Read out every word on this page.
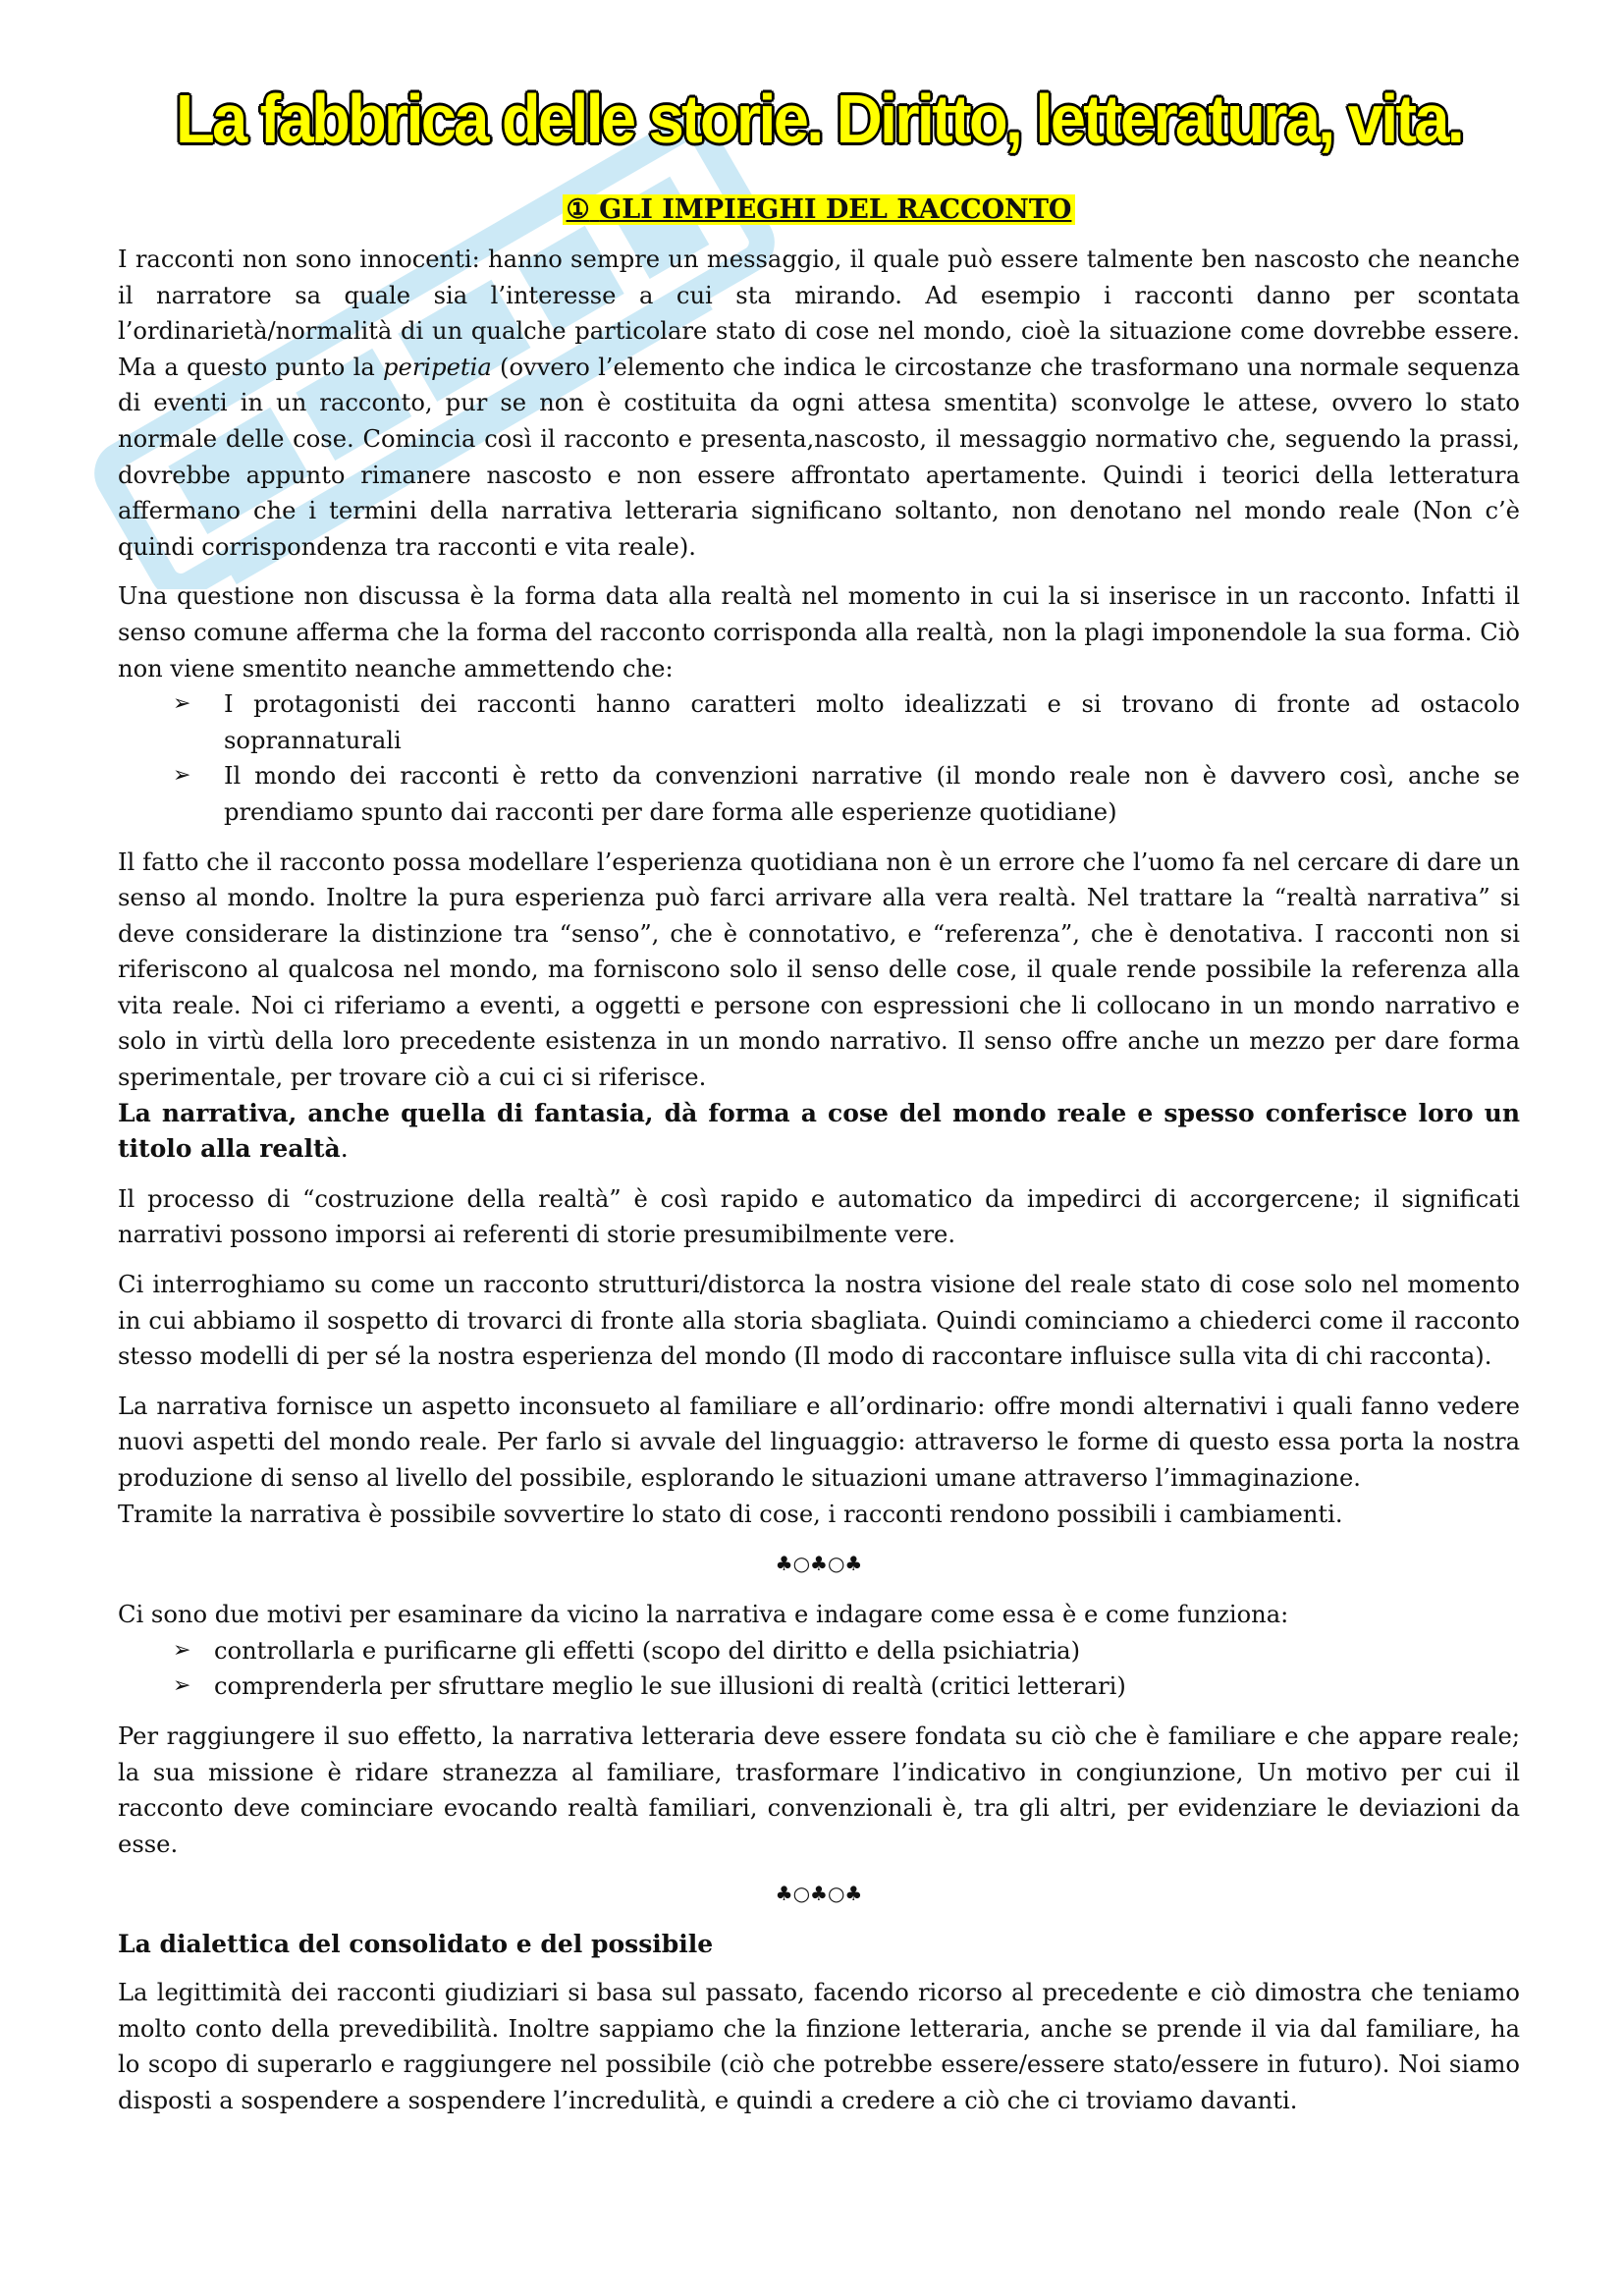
La fabbrica delle storie. Diritto, letteratura, vita.
① GLI IMPIEGHI DEL RACCONTO

I racconti non sono innocenti: hanno sempre un messaggio, il quale può essere talmente ben nascosto che neanche il narratore sa quale sia l’interesse a cui sta mirando. Ad esempio i racconti danno per scontata l’ordinarietà/normalità di un qualche particolare stato di cose nel mondo, cioè la situazione come dovrebbe essere. Ma a questo punto la peripetia (ovvero l’elemento che indica le circostanze che trasformano una normale sequenza di eventi in un racconto, pur se non è costituita da ogni attesa smentita) sconvolge le attese, ovvero lo stato normale delle cose. Comincia così il racconto e presenta,nascosto, il messaggio normativo che, seguendo la prassi, dovrebbe appunto rimanere nascosto e non essere affrontato apertamente. Quindi i teorici della letteratura affermano che i termini della narrativa letteraria significano soltanto, non denotano nel mondo reale (Non c’è quindi corrispondenza tra racconti e vita reale).

Una questione non discussa è la forma data alla realtà nel momento in cui la si inserisce in un racconto. Infatti il senso comune afferma che la forma del racconto corrisponda alla realtà, non la plagi imponendole la sua forma. Ciò non viene smentito neanche ammettendo che:

➢ I protagonisti dei racconti hanno caratteri molto idealizzati e si trovano di fronte ad ostacolo soprannaturali
➢ Il mondo dei racconti è retto da convenzioni narrative (il mondo reale non è davvero così, anche se prendiamo spunto dai racconti per dare forma alle esperienze quotidiane)

Il fatto che il racconto possa modellare l’esperienza quotidiana non è un errore che l’uomo fa nel cercare di dare un senso al mondo. Inoltre la pura esperienza può farci arrivare alla vera realtà. Nel trattare la “realtà narrativa” si deve considerare la distinzione tra “senso”, che è connotativo, e “referenza”, che è denotativa. I racconti non si riferiscono al qualcosa nel mondo, ma forniscono solo il senso delle cose, il quale rende possibile la referenza alla vita reale. Noi ci riferiamo a eventi, a oggetti e persone con espressioni che li collocano in un mondo narrativo e solo in virtù della loro precedente esistenza in un mondo narrativo. Il senso offre anche un mezzo per dare forma sperimentale, per trovare ciò a cui ci si riferisce.

La narrativa, anche quella di fantasia, dà forma a cose del mondo reale e spesso conferisce loro un titolo alla realtà.

Il processo di “costruzione della realtà” è così rapido e automatico da impedirci di accorgercene; il significati narrativi possono imporsi ai referenti di storie presumibilmente vere.

Ci interroghiamo su come un racconto strutturi/distorca la nostra visione del reale stato di cose solo nel momento in cui abbiamo il sospetto di trovarci di fronte alla storia sbagliata. Quindi cominciamo a chiederci come il racconto stesso modelli di per sé la nostra esperienza del mondo (Il modo di raccontare influisce sulla vita di chi racconta).

La narrativa fornisce un aspetto inconsueto al familiare e all’ordinario: offre mondi alternativi i quali fanno vedere nuovi aspetti del mondo reale. Per farlo si avvale del linguaggio: attraverso le forme di questo essa porta la nostra produzione di senso al livello del possibile, esplorando le situazioni umane attraverso l’immaginazione.

Tramite la narrativa è possibile sovvertire lo stato di cose, i racconti rendono possibili i cambiamenti.

♣○♣○♣

Ci sono due motivi per esaminare da vicino la narrativa e indagare come essa è e come funziona:

➢ controllarla e purificarne gli effetti (scopo del diritto e della psichiatria)
➢ comprenderla per sfruttare meglio le sue illusioni di realtà (critici letterari)

Per raggiungere il suo effetto, la narrativa letteraria deve essere fondata su ciò che è familiare e che appare reale; la sua missione è ridare stranezza al familiare, trasformare l’indicativo in congiunzione, Un motivo per cui il racconto deve cominciare evocando realtà familiari, convenzionali è, tra gli altri, per evidenziare le deviazioni da esse.

♣○♣○♣
La dialettica del consolidato e del possibile

La legittimità dei racconti giudiziari si basa sul passato, facendo ricorso al precedente e ciò dimostra che teniamo molto conto della prevedibilità. Inoltre sappiamo che la finzione letteraria, anche se prende il via dal familiare, ha lo scopo di superarlo e raggiungere nel possibile (ciò che potrebbe essere/essere stato/essere in futuro). Noi siamo disposti a sospendere a sospendere l’incredulità, e quindi a credere a ciò che ci troviamo davanti.
